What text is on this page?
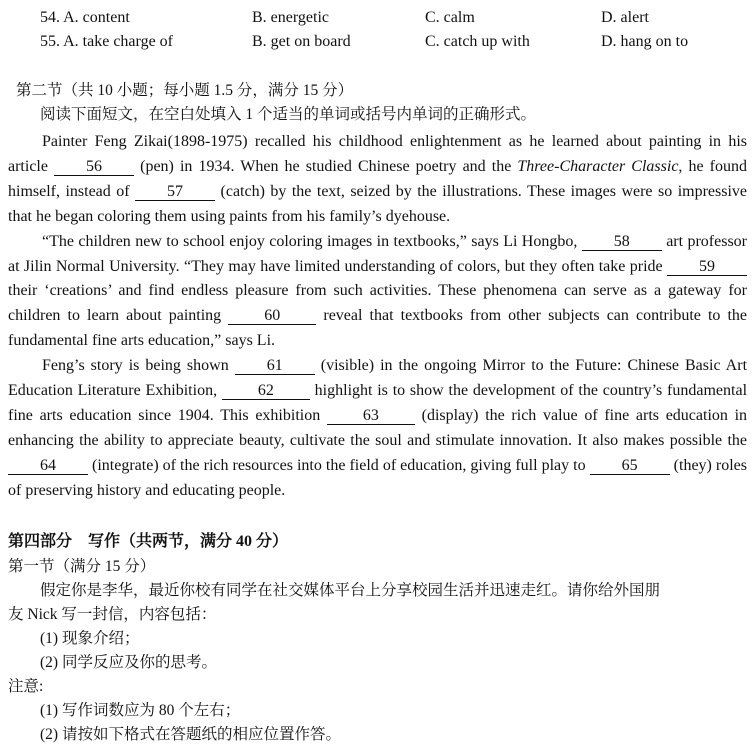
54. A. content	B. energetic	C. calm	D. alert
55. A. take charge of	B. get on board	C. catch up with	D. hang on to
第二节（共 10 小题；每小题 1.5 分，满分 15 分）
阅读下面短文，在空白处填入 1 个适当的单词或括号内单词的正确形式。

Painter Feng Zikai(1898-1975) recalled his childhood enlightenment as he learned about painting in his article 56 (pen) in 1934. When he studied Chinese poetry and the Three-Character Classic, he found himself, instead of 57 (catch) by the text, seized by the illustrations. These images were so impressive that he began coloring them using paints from his family’s dyehouse.

“The children new to school enjoy coloring images in textbooks,” says Li Hongbo, 58 art professor at Jilin Normal University. “They may have limited understanding of colors, but they often take pride 59 their ‘creations’ and find endless pleasure from such activities. These phenomena can serve as a gateway for children to learn about painting	60	reveal that textbooks from other subjects can contribute to the fundamental fine arts education,” says Li.

Feng’s story is being shown 61 (visible) in the ongoing Mirror to the Future: Chinese Basic Art Education Literature Exhibition,	62	highlight is to show the development of the country’s fundamental fine arts education since 1904. This exhibition	63	(display) the rich value of fine arts education in enhancing the ability to appreciate beauty, cultivate the soul and stimulate innovation. It also makes possible the 64 (integrate) of the rich resources into the field of education, giving full play to 65 (they) roles of preserving history and educating people.

第四部分　写作（共两节，满分 40 分）
第一节（满分 15 分）
假定你是李华，最近你校有同学在社交媒体平台上分享校园生活并迅速走红。请你给外国朋
友 Nick 写一封信，内容包括：
(1) 现象介绍；
(2) 同学反应及你的思考。
注意:
(1) 写作词数应为 80 个左右；
(2) 请按如下格式在答题纸的相应位置作答。
